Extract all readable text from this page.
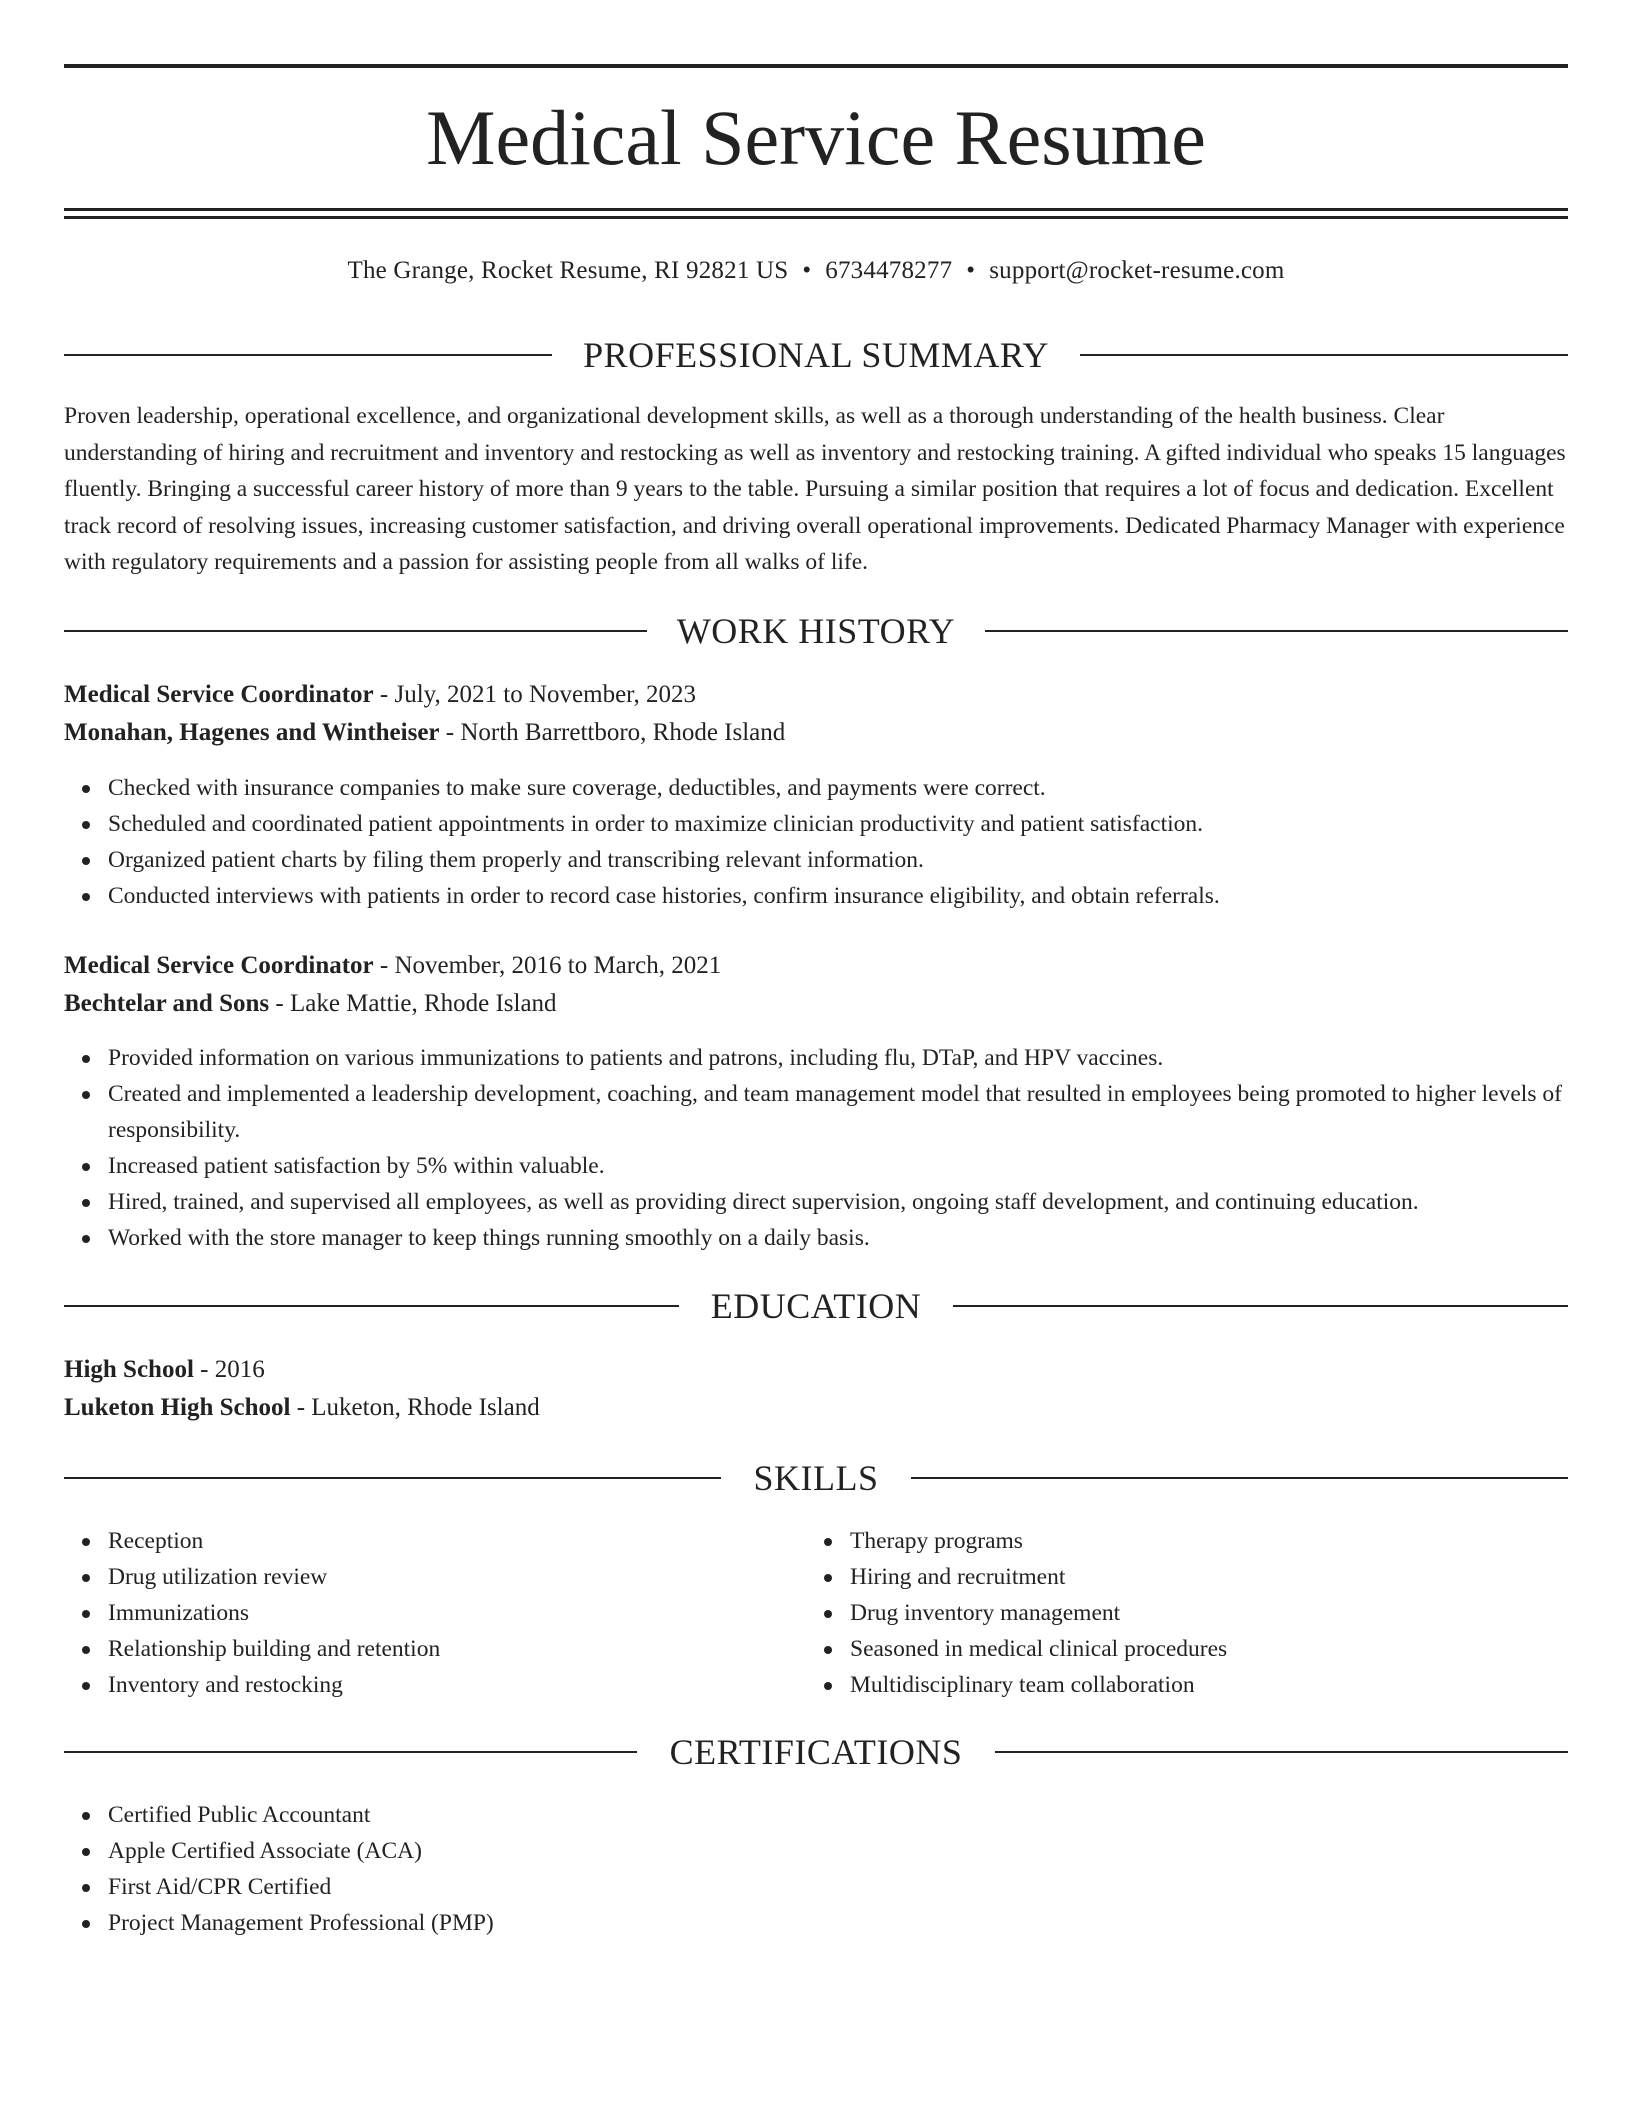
Medical Service Resume
The Grange, Rocket Resume, RI 92821 US • 6734478277 • support@rocket-resume.com
PROFESSIONAL SUMMARY

Proven leadership, operational excellence, and organizational development skills, as well as a thorough understanding of the health business. Clear understanding of hiring and recruitment and inventory and restocking as well as inventory and restocking training. A gifted individual who speaks 15 languages fluently. Bringing a successful career history of more than 9 years to the table. Pursuing a similar position that requires a lot of focus and dedication. Excellent track record of resolving issues, increasing customer satisfaction, and driving overall operational improvements. Dedicated Pharmacy Manager with experience with regulatory requirements and a passion for assisting people from all walks of life.

WORK HISTORY
Medical Service Coordinator - July, 2021 to November, 2023
Monahan, Hagenes and Wintheiser - North Barrettboro, Rhode Island
Checked with insurance companies to make sure coverage, deductibles, and payments were correct.
Scheduled and coordinated patient appointments in order to maximize clinician productivity and patient satisfaction.
Organized patient charts by filing them properly and transcribing relevant information.
Conducted interviews with patients in order to record case histories, confirm insurance eligibility, and obtain referrals.
Medical Service Coordinator - November, 2016 to March, 2021
Bechtelar and Sons - Lake Mattie, Rhode Island
Provided information on various immunizations to patients and patrons, including flu, DTaP, and HPV vaccines.
Created and implemented a leadership development, coaching, and team management model that resulted in employees being promoted to higher levels of responsibility.
Increased patient satisfaction by 5% within valuable.
Hired, trained, and supervised all employees, as well as providing direct supervision, ongoing staff development, and continuing education.
Worked with the store manager to keep things running smoothly on a daily basis.
EDUCATION
High School - 2016
Luketon High School - Luketon, Rhode Island
SKILLS
Reception
Drug utilization review
Immunizations
Relationship building and retention
Inventory and restocking
Therapy programs
Hiring and recruitment
Drug inventory management
Seasoned in medical clinical procedures
Multidisciplinary team collaboration
CERTIFICATIONS
Certified Public Accountant
Apple Certified Associate (ACA)
First Aid/CPR Certified
Project Management Professional (PMP)
